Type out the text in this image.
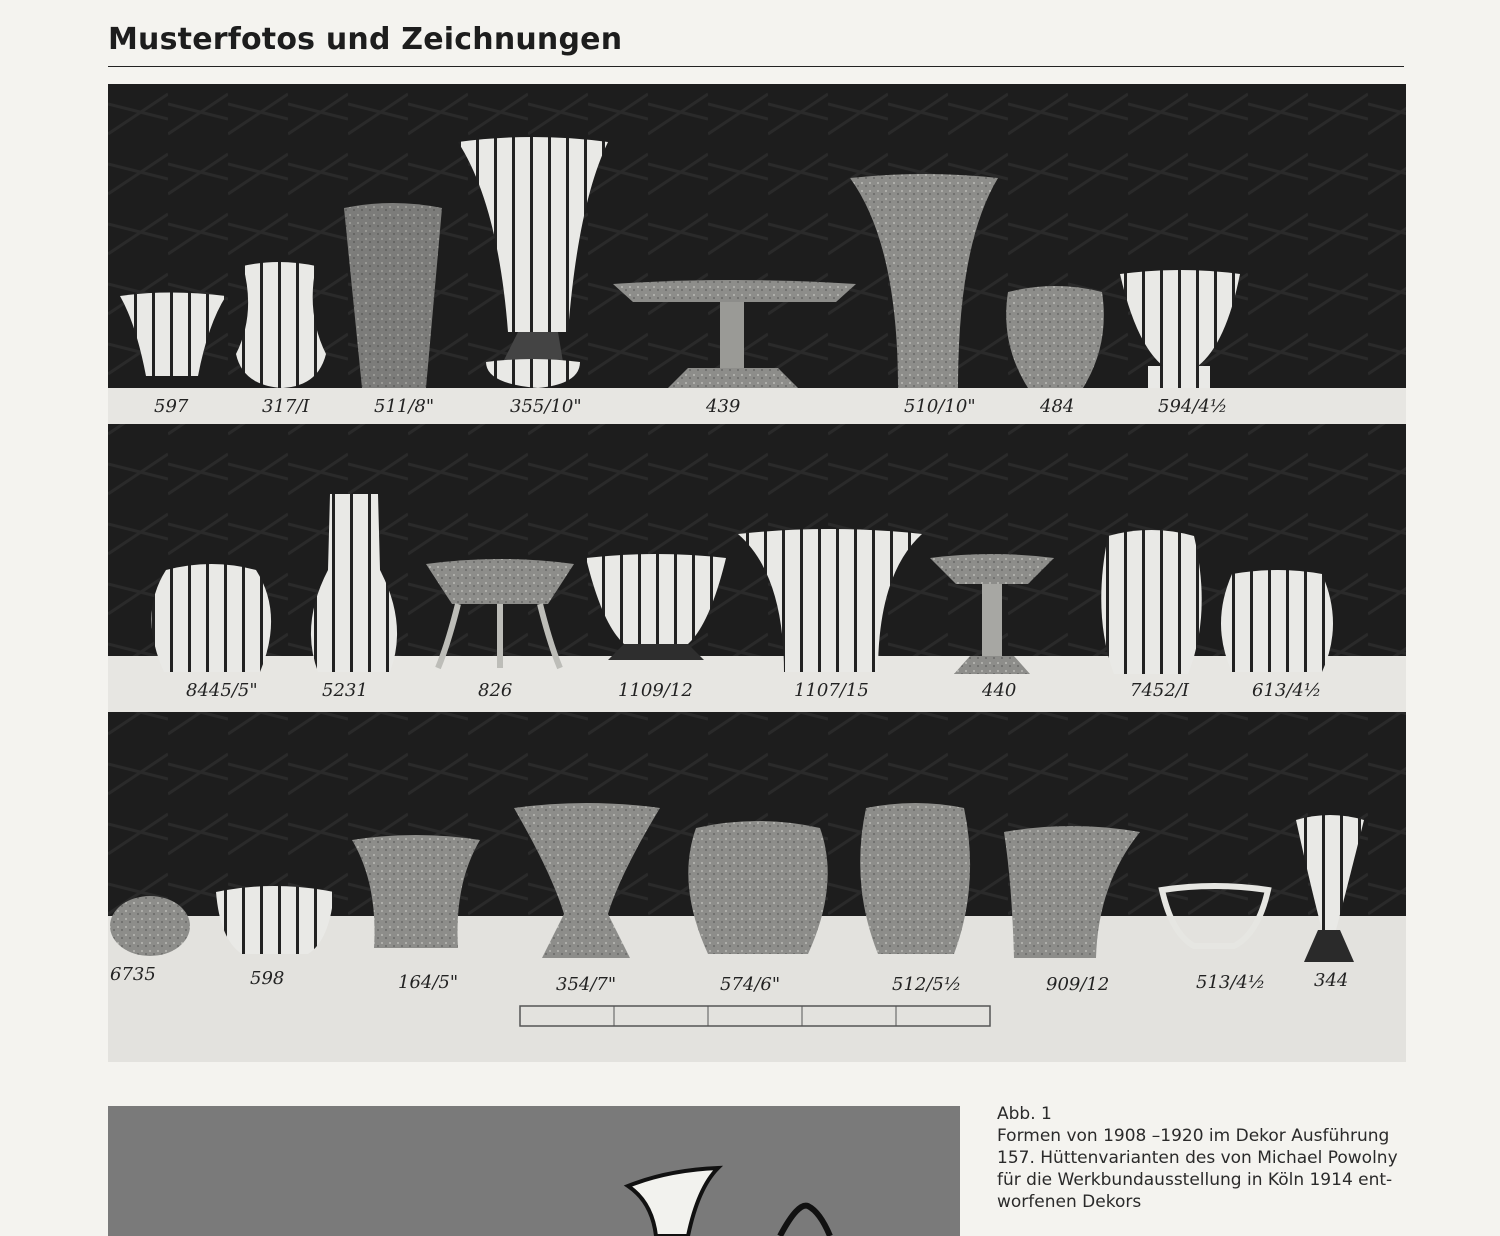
Musterfotos und Zeichnungen
597	317/I	511/8"	355/10"	439	510/10"	484	594/4½
8445/5"	5231	826	1109/12	1107/15	440	7452/I	613/4½
6735	598	164/5"	354/7"	574/6"	512/5½	909/12	513/4½	344
Abb. 1
Formen von 1908 –1920 im Dekor Ausführung
157. Hüttenvarianten des von Michael Powolny
für die Werkbundausstellung in Köln 1914 ent-
worfenen Dekors
